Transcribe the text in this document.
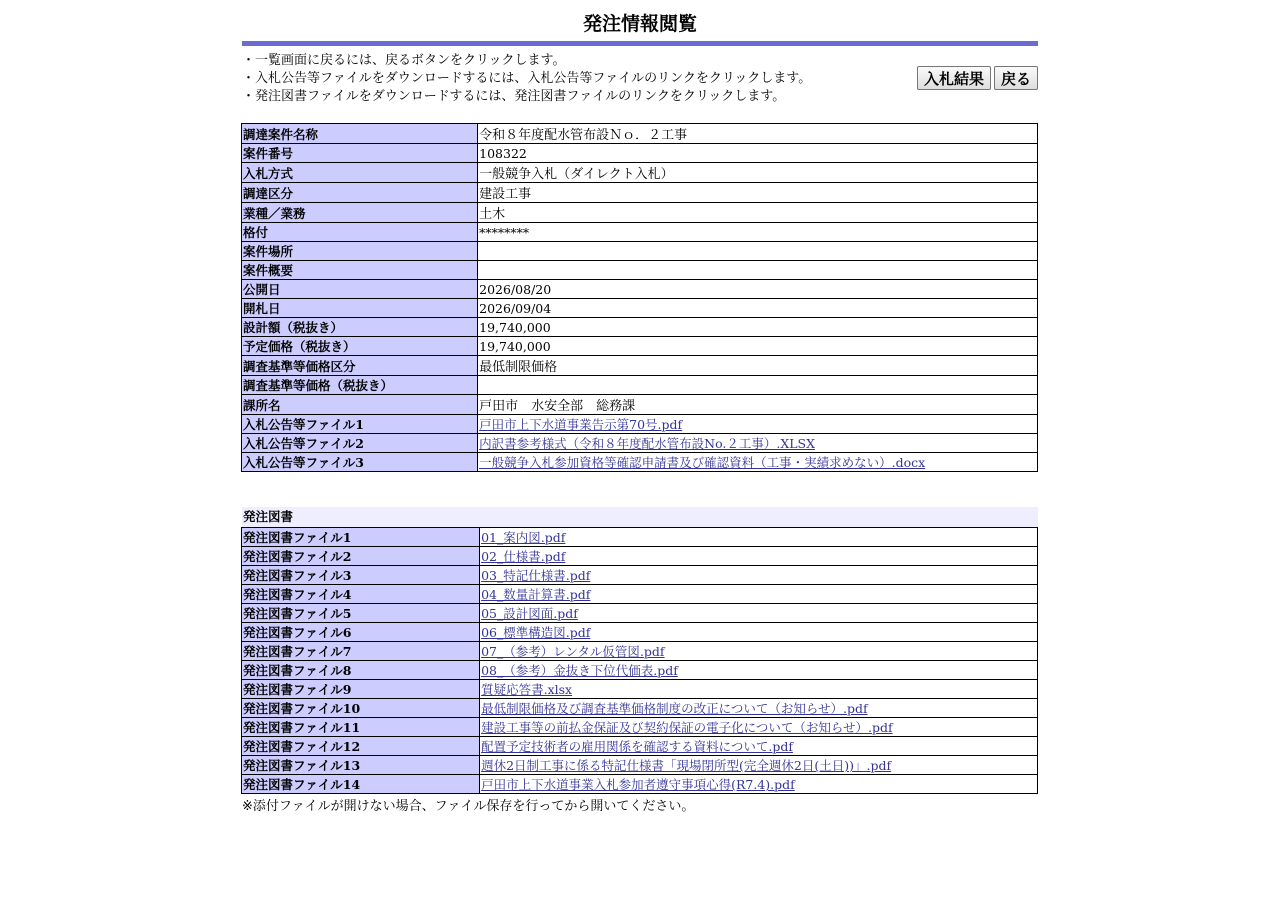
発注情報閲覧
・一覧画面に戻るには、戻るボタンをクリックします。
・入札公告等ファイルをダウンロードするには、入札公告等ファイルのリンクをクリックします。
・発注図書ファイルをダウンロードするには、発注図書ファイルのリンクをクリックします。
入札結果	戻る
調達案件名称	令和８年度配水管布設Ｎｏ．２工事
案件番号	108322
入札方式	一般競争入札（ダイレクト入札）
調達区分	建設工事
業種／業務	土木
格付	********
案件場所	
案件概要	
公開日	2026/08/20
開札日	2026/09/04
設計額（税抜き）	19,740,000
予定価格（税抜き）	19,740,000
調査基準等価格区分	最低制限価格
調査基準等価格（税抜き）	
課所名	戸田市　水安全部　総務課
入札公告等ファイル1	戸田市上下水道事業告示第70号.pdf
入札公告等ファイル2	内訳書参考様式（令和８年度配水管布設No.２工事）.XLSX
入札公告等ファイル3	一般競争入札参加資格等確認申請書及び確認資料（工事・実績求めない）.docx
発注図書
発注図書ファイル1	01_案内図.pdf
発注図書ファイル2	02_仕様書.pdf
発注図書ファイル3	03_特記仕様書.pdf
発注図書ファイル4	04_数量計算書.pdf
発注図書ファイル5	05_設計図面.pdf
発注図書ファイル6	06_標準構造図.pdf
発注図書ファイル7	07_（参考）レンタル仮管図.pdf
発注図書ファイル8	08_（参考）金抜き下位代価表.pdf
発注図書ファイル9	質疑応答書.xlsx
発注図書ファイル10	最低制限価格及び調査基準価格制度の改正について（お知らせ）.pdf
発注図書ファイル11	建設工事等の前払金保証及び契約保証の電子化について（お知らせ）.pdf
発注図書ファイル12	配置予定技術者の雇用関係を確認する資料について.pdf
発注図書ファイル13	週休2日制工事に係る特記仕様書「現場閉所型(完全週休2日(土日))」.pdf
発注図書ファイル14	戸田市上下水道事業入札参加者遵守事項心得(R7.4).pdf
※添付ファイルが開けない場合、ファイル保存を行ってから開いてください。
